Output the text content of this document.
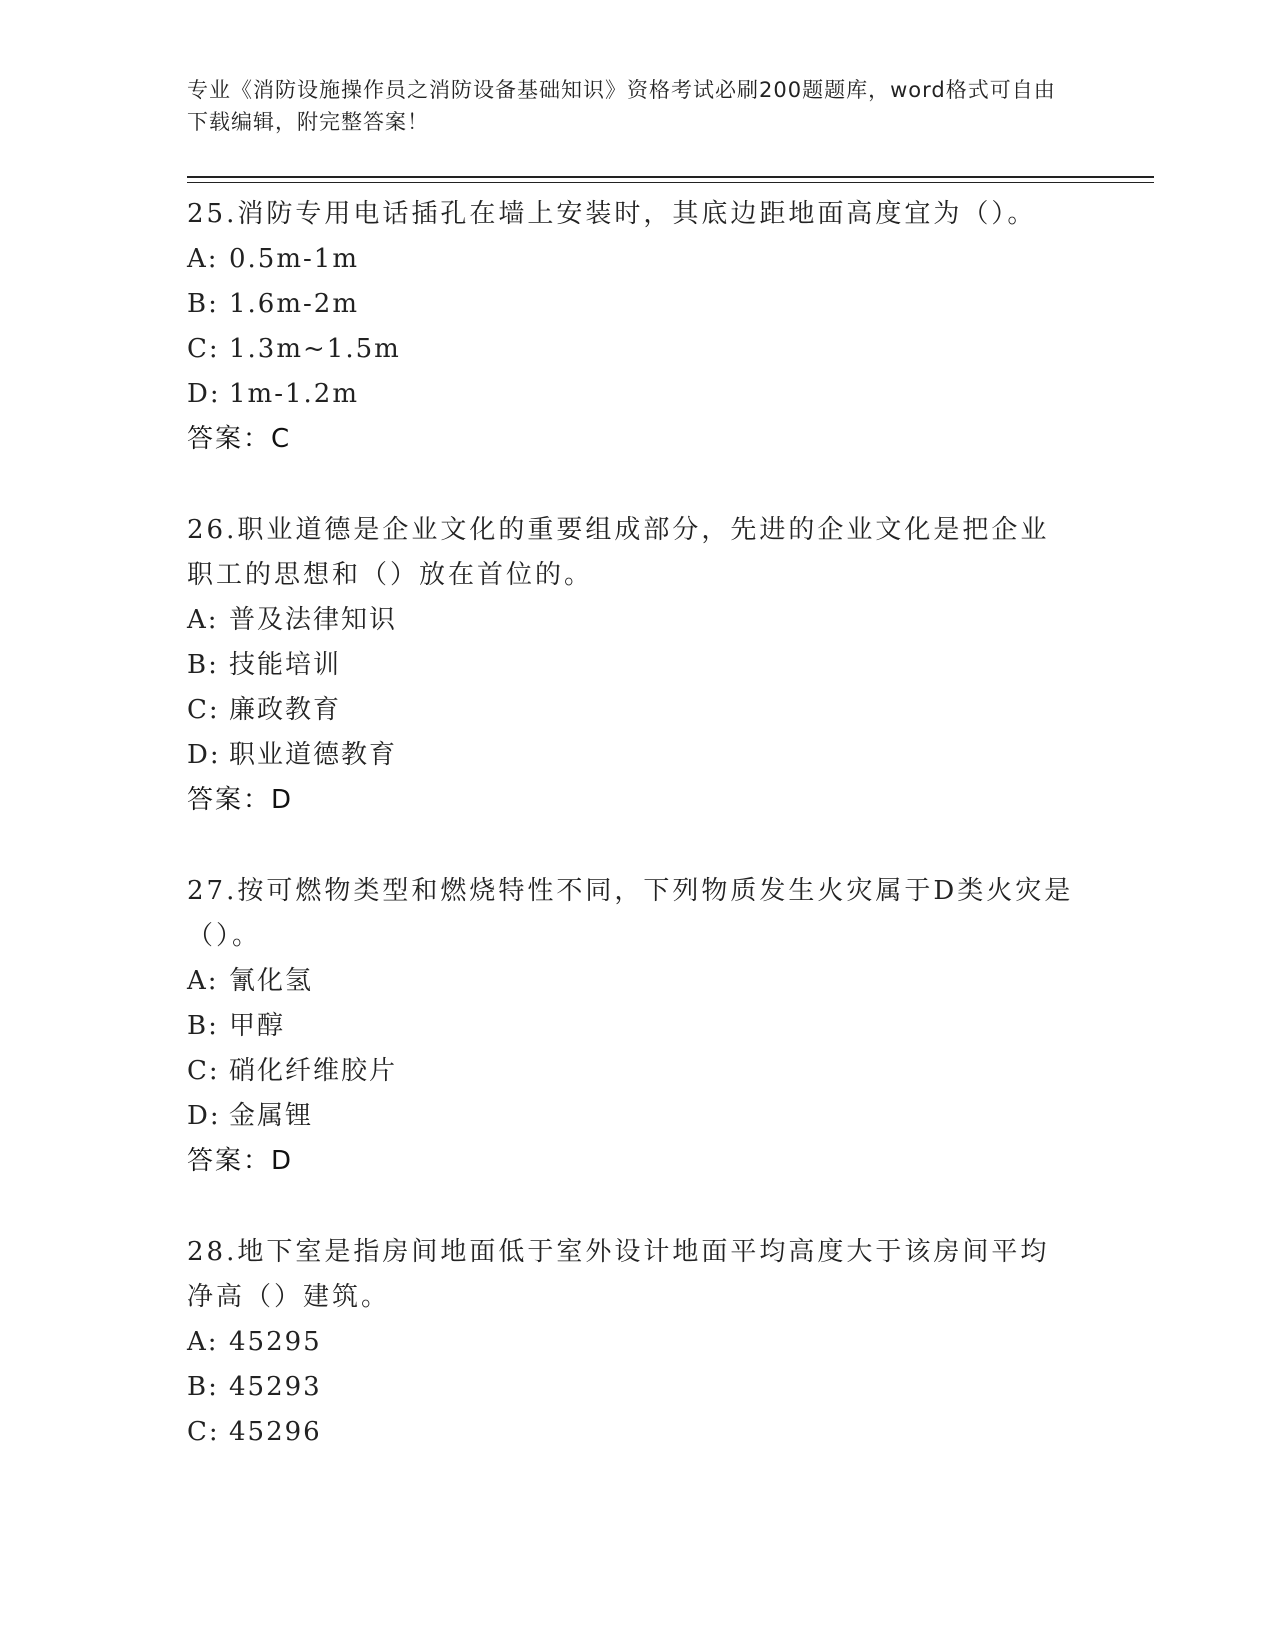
专业《消防设施操作员之消防设备基础知识》资格考试必刷200题题库，word格式可自由下载编辑，附完整答案！
25.消防专用电话插孔在墙上安装时，其底边距地面高度宜为（）。
A: 0.5m-1m
B: 1.6m-2m
C: 1.3m~1.5m
D: 1m-1.2m
答案：C
26.职业道德是企业文化的重要组成部分，先进的企业文化是把企业职工的思想和（）放在首位的。
A: 普及法律知识
B: 技能培训
C: 廉政教育
D: 职业道德教育
答案：D
27.按可燃物类型和燃烧特性不同，下列物质发生火灾属于D类火灾是（）。
A: 氰化氢
B: 甲醇
C: 硝化纤维胶片
D: 金属锂
答案：D
28.地下室是指房间地面低于室外设计地面平均高度大于该房间平均净高（）建筑。
A: 45295
B: 45293
C: 45296
